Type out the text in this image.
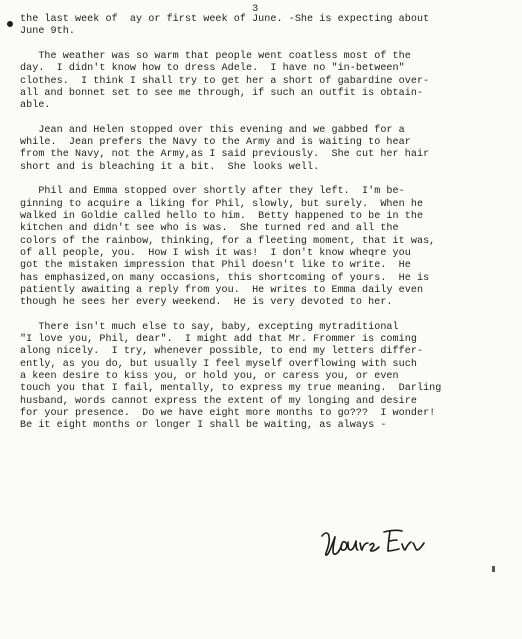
3
the last week of  ay or first week of June. -She is expecting about
June 9th.
The weather was so warm that people went coatless most of the
day.  I didn't know how to dress Adele.  I have no "in-between"
clothes.  I think I shall try to get her a short of gabardine over-
all and bonnet set to see me through, if such an outfit is obtain-
able.
Jean and Helen stopped over this evening and we gabbed for a
while.  Jean prefers the Navy to the Army and is waiting to hear
from the Navy, not the Army,as I said previously.  She cut her hair
short and is bleaching it a bit.  She looks well.
Phil and Emma stopped over shortly after they left.  I'm be-
ginning to acquire a liking for Phil, slowly, but surely.  When he
walked in Goldie called hello to him.  Betty happened to be in the
kitchen and didn't see who is was.  She turned red and all the
colors of the rainbow, thinking, for a fleeting moment, that it was,
of all people, you.  How I wish it was!  I don't know wheqre you
got the mistaken impression that Phil doesn't like to write.  He
has emphasized,on many occasions, this shortcoming of yours.  He is
patiently awaiting a reply from you.  He writes to Emma daily even
though he sees her every weekend.  He is very devoted to her.
There isn't much else to say, baby, excepting mytraditional
"I love you, Phil, dear".  I might add that Mr. Frommer is coming
along nicely.  I try, whenever possible, to end my letters differ-
ently, as you do, but usually I feel myself overflowing with such
a keen desire to kiss you, or hold you, or caress you, or even
touch you that I fail, mentally, to express my true meaning.  Darling
husband, words cannot express the extent of my longing and desire
for your presence.  Do we have eight more months to go???  I wonder!
Be it eight months or longer I shall be waiting, as always -
